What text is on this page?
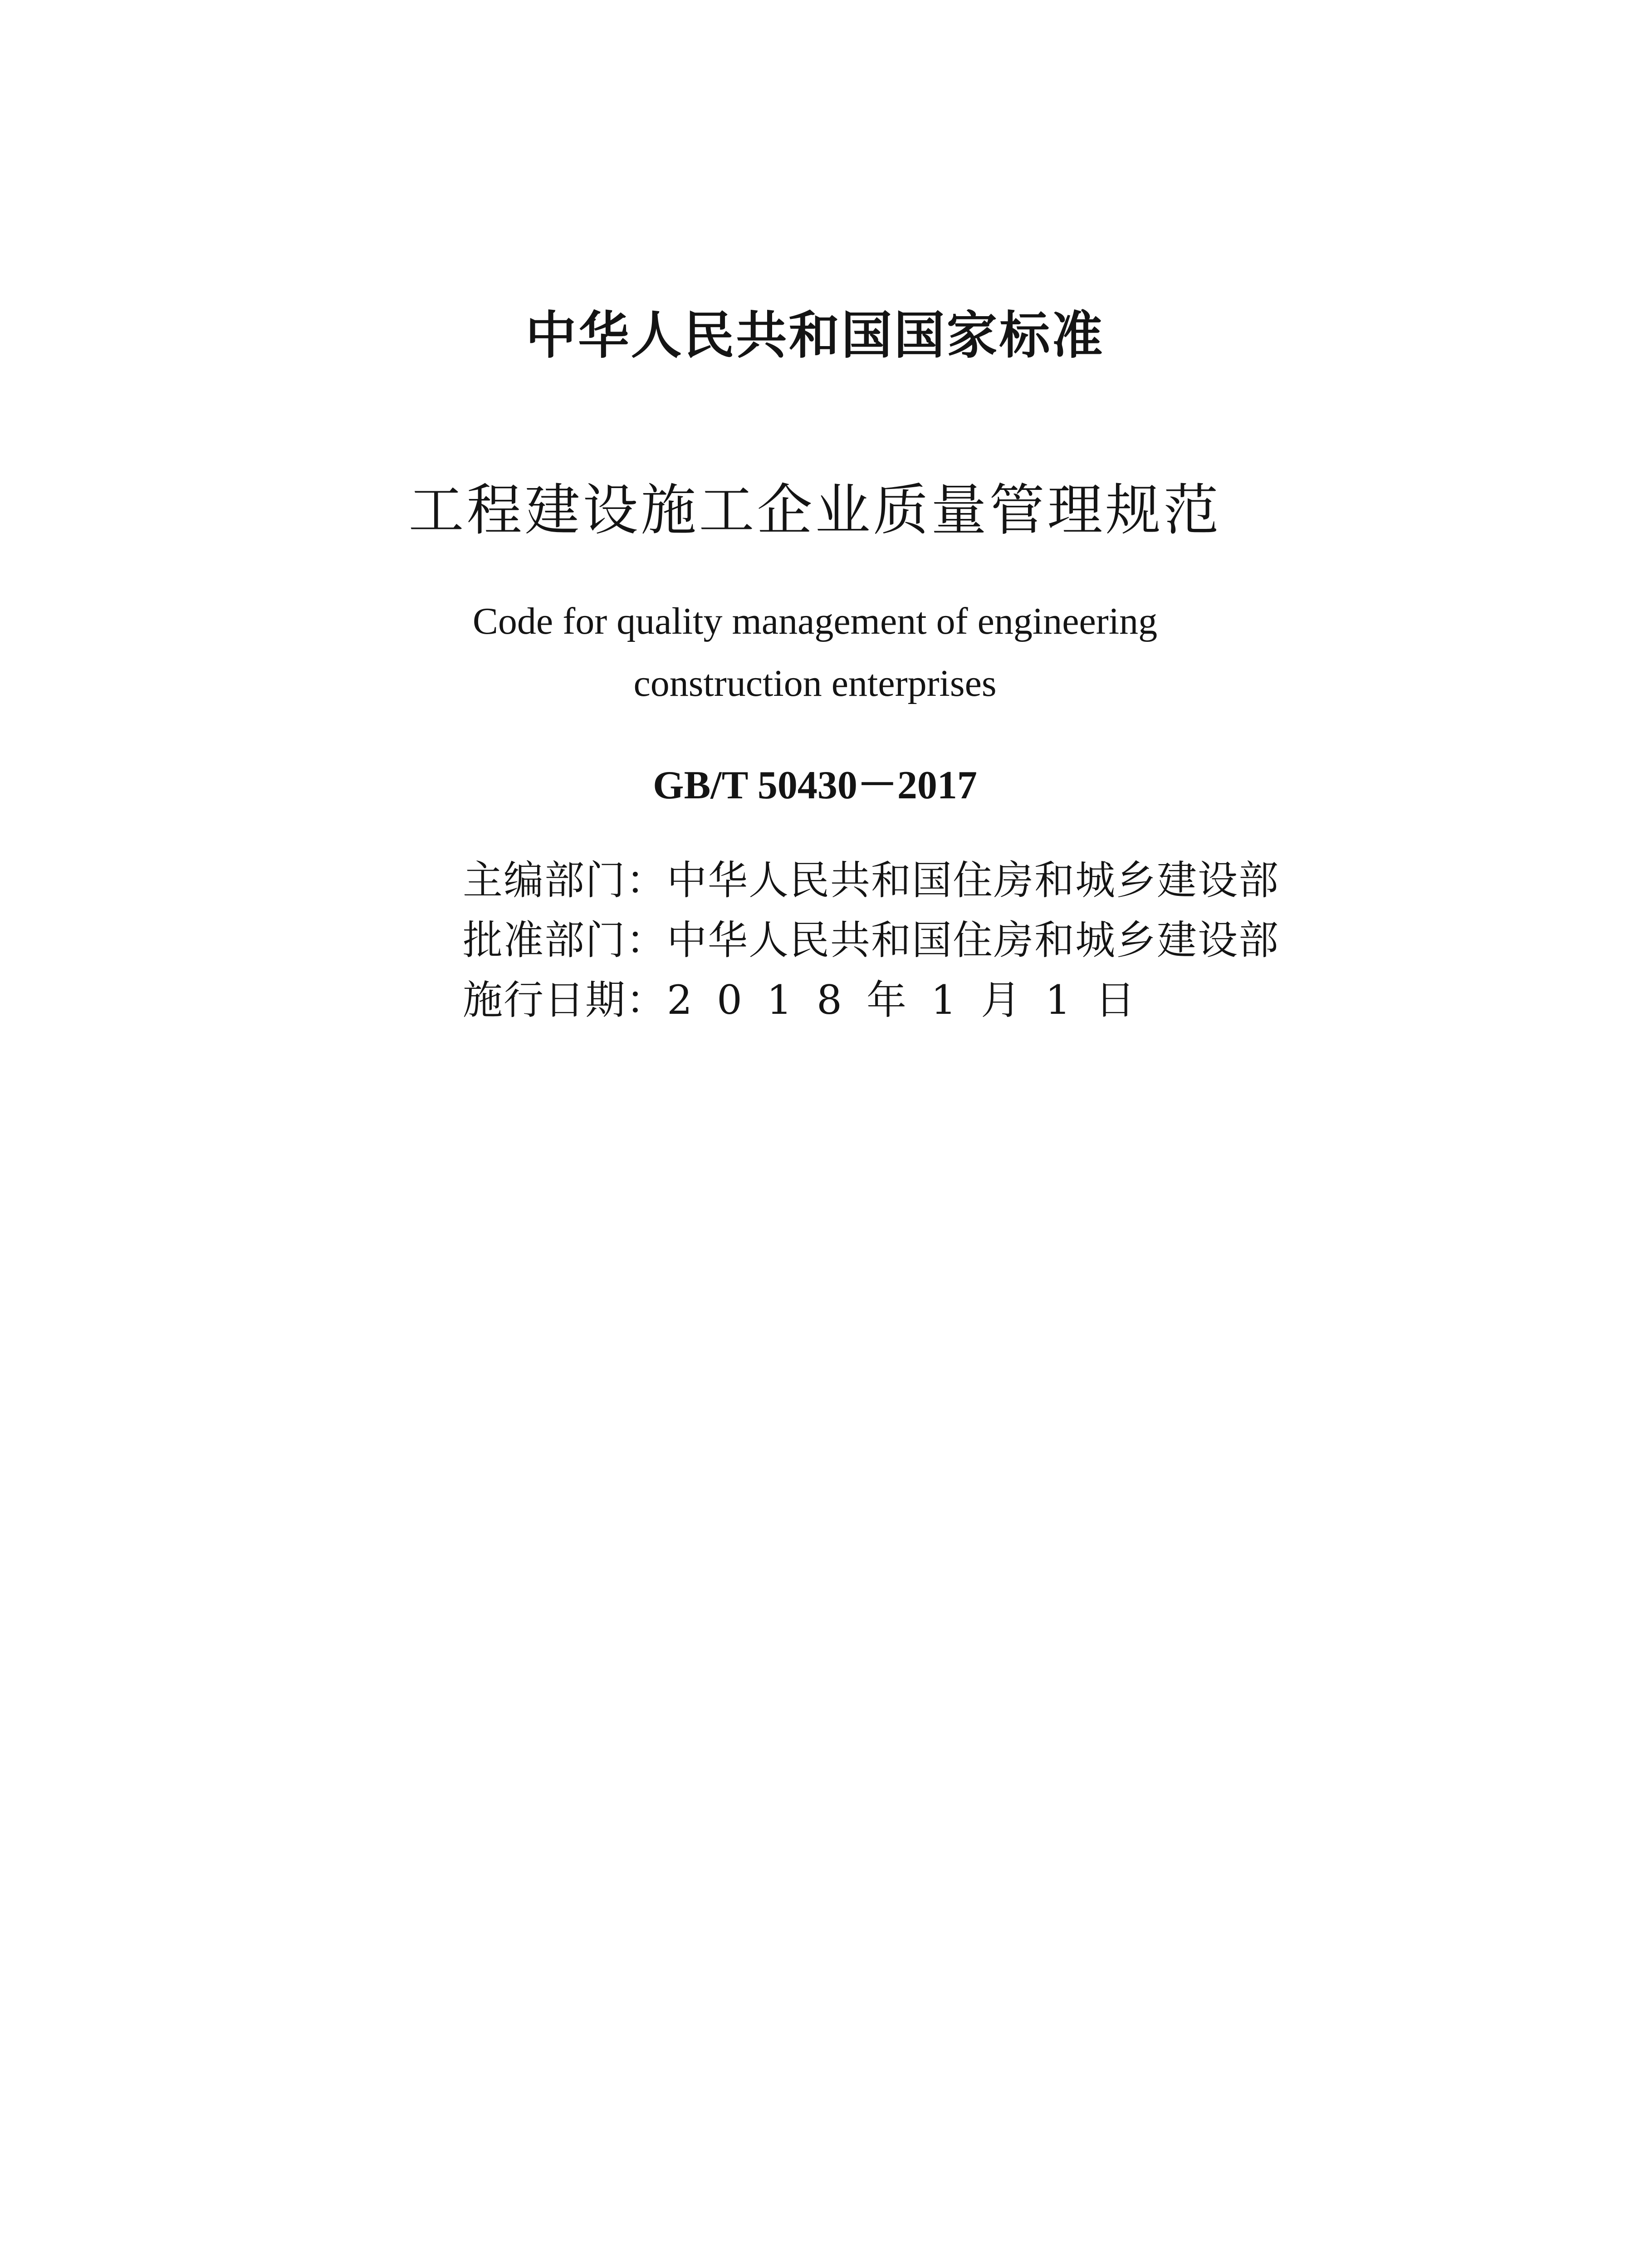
中华人民共和国国家标准
工程建设施工企业质量管理规范
Code for quality management of engineering
construction enterprises
GB/T 50430－2017
主编部门： 中华人民共和国住房和城乡建设部
批准部门： 中华人民共和国住房和城乡建设部
施行日期： 2018年1月1日
